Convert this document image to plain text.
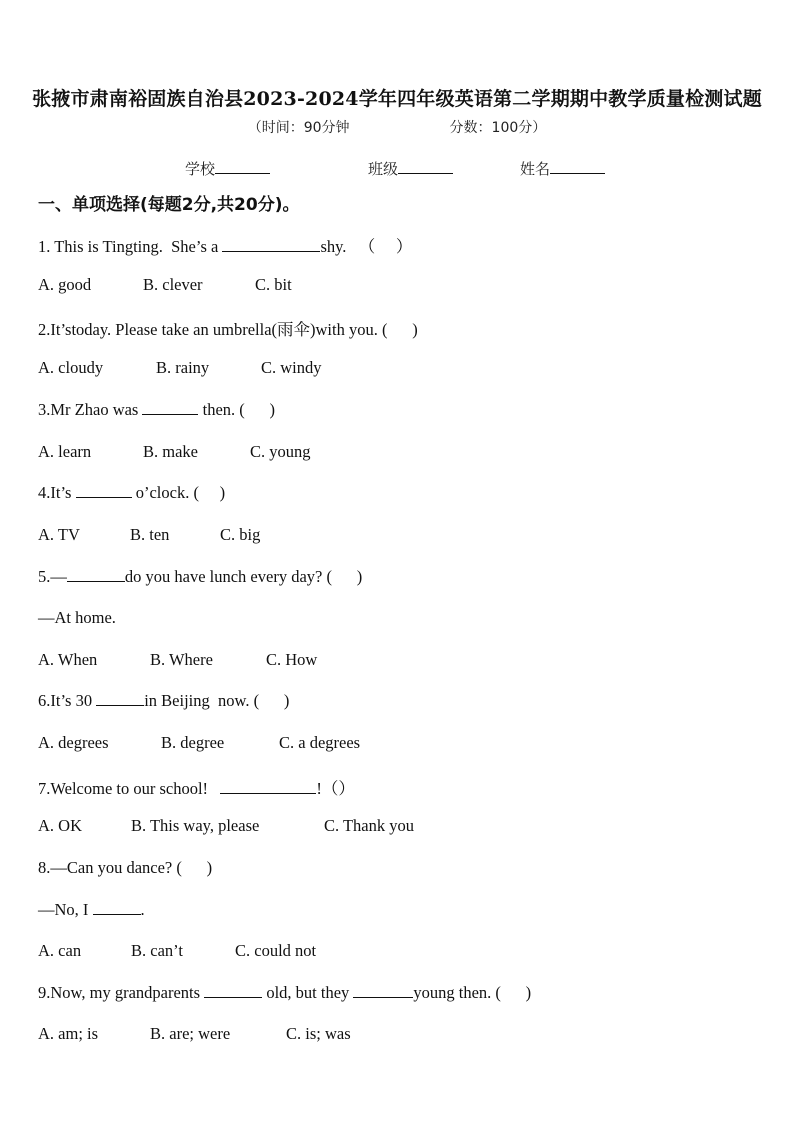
张掖市肃南裕固族自治县2023-2024学年四年级英语第二学期期中教学质量检测试题
（时间：90分钟	分数：100分）
学校	班级	姓名
一、单项选择(每题2分,共20分)。
1. This is Tingting.  She’s a	shy.   （     ）
A. good	B. clever	C. bit
2.It’stoday. Please take an umbrella(雨伞)with you. (      )
A. cloudy	B. rainy	C. windy
3.Mr Zhao was	then. (      )
A. learn	B. make	C. young
4.It’s	o’clock. (     )
A. TV	B. ten	C. big
5.—	do you have lunch every day? (      )
—At home.
A. When	B. Where	C. How
6.It’s 30	in Beijing  now. (      )
A. degrees	B. degree	C. a degrees
7.Welcome to our school!	!（）
A. OK	B. This way, please	C. Thank you
8.—Can you dance? (      )
—No, I	.
A. can	B. can’t	C. could not
9.Now, my grandparents	old, but they	young then. (      )
A. am; is	B. are; were	C. is; was
